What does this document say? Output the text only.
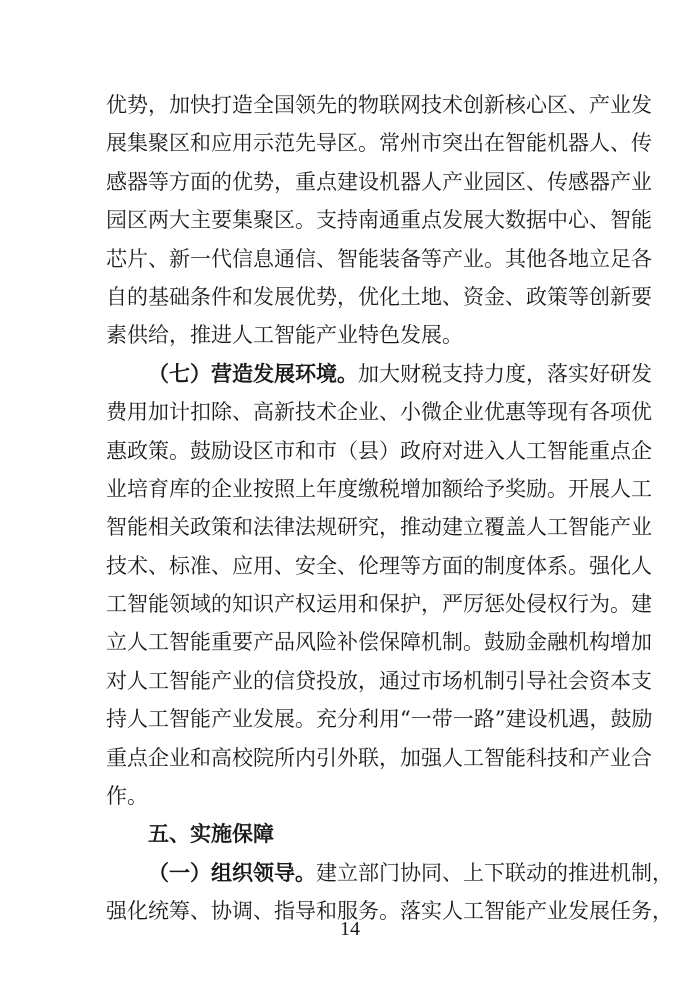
优势，加快打造全国领先的物联网技术创新核心区、产业发
展集聚区和应用示范先导区。常州市突出在智能机器人、传
感器等方面的优势，重点建设机器人产业园区、传感器产业
园区两大主要集聚区。支持南通重点发展大数据中心、智能
芯片、新一代信息通信、智能装备等产业。其他各地立足各
自的基础条件和发展优势，优化土地、资金、政策等创新要
素供给，推进人工智能产业特色发展。
（七）营造发展环境。加大财税支持力度，落实好研发
费用加计扣除、高新技术企业、小微企业优惠等现有各项优
惠政策。鼓励设区市和市（县）政府对进入人工智能重点企
业培育库的企业按照上年度缴税增加额给予奖励。开展人工
智能相关政策和法律法规研究，推动建立覆盖人工智能产业
技术、标准、应用、安全、伦理等方面的制度体系。强化人
工智能领域的知识产权运用和保护，严厉惩处侵权行为。建
立人工智能重要产品风险补偿保障机制。鼓励金融机构增加
对人工智能产业的信贷投放，通过市场机制引导社会资本支
持人工智能产业发展。充分利用“一带一路”建设机遇，鼓励
重点企业和高校院所内引外联，加强人工智能科技和产业合
作。
五、实施保障
（一）组织领导。建立部门协同、上下联动的推进机制，
强化统筹、协调、指导和服务。落实人工智能产业发展任务，
14
